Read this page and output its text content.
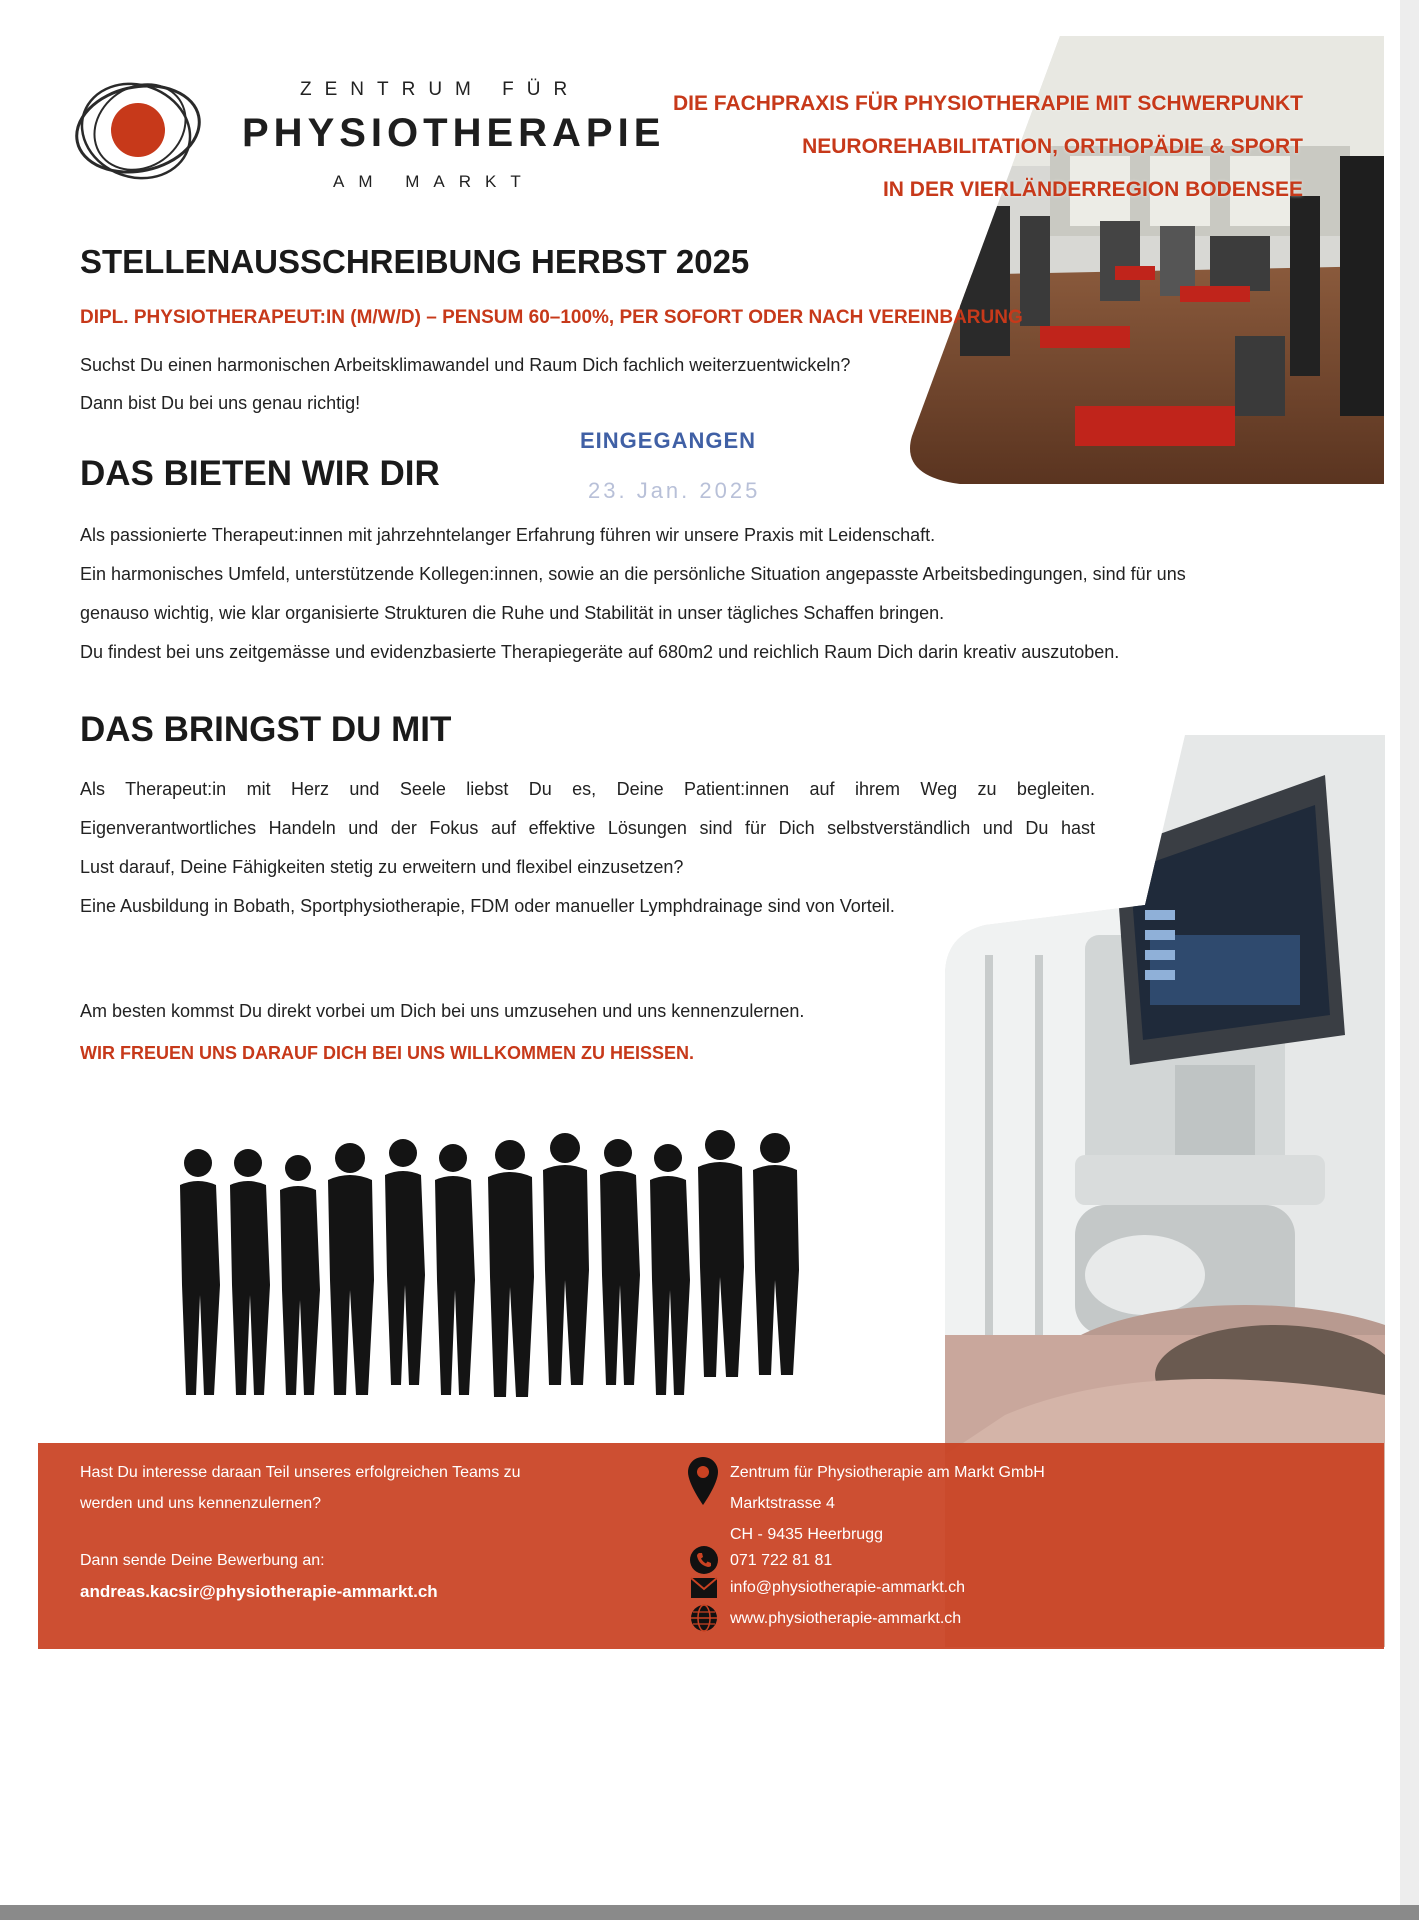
ZENTRUM FÜR
PHYSIOTHERAPIE
AM MARKT
DIE FACHPRAXIS FÜR PHYSIOTHERAPIE MIT SCHWERPUNKT
NEUROREHABILITATION, ORTHOPÄDIE & SPORT
IN DER VIERLÄNDERREGION BODENSEE
STELLENAUSSCHREIBUNG HERBST 2025
DIPL. PHYSIOTHERAPEUT:IN (M/W/D) – PENSUM 60–100%, PER SOFORT ODER NACH VEREINBARUNG
Suchst Du einen harmonischen Arbeitsklimawandel und Raum Dich fachlich weiterzuentwickeln?
Dann bist Du bei uns genau richtig!
EINGEGANGEN
23. Jan. 2025
DAS BIETEN WIR DIR
Als passionierte Therapeut:innen mit jahrzehntelanger Erfahrung führen wir unsere Praxis mit Leidenschaft.
Ein harmonisches Umfeld, unterstützende Kollegen:innen, sowie an die persönliche Situation angepasste Arbeitsbedingungen, sind für uns
genauso wichtig, wie klar organisierte Strukturen die Ruhe und Stabilität in unser tägliches Schaffen bringen.
Du findest bei uns zeitgemässe und evidenzbasierte Therapiegeräte auf 680m2 und reichlich Raum Dich darin kreativ auszutoben.
DAS BRINGST DU MIT
Als Therapeut:in mit Herz und Seele liebst Du es, Deine Patient:innen auf ihrem Weg zu begleiten.
Eigenverantwortliches Handeln und der Fokus auf effektive Lösungen sind für Dich selbstverständlich und Du hast
Lust darauf, Deine Fähigkeiten stetig zu erweitern und flexibel einzusetzen?
Eine Ausbildung in Bobath, Sportphysiotherapie, FDM oder manueller Lymphdrainage sind von Vorteil.
Am besten kommst Du direkt vorbei um Dich bei uns umzusehen und uns kennenzulernen.
WIR FREUEN UNS DARAUF DICH BEI UNS WILLKOMMEN ZU HEISSEN.
Hast Du interesse daraan Teil unseres erfolgreichen Teams zu
werden und uns kennenzulernen?
Dann sende Deine Bewerbung an:
andreas.kacsir@physiotherapie-ammarkt.ch
Zentrum für Physiotherapie am Markt GmbH
Marktstrasse 4
CH - 9435 Heerbrugg
071 722 81 81
info@physiotherapie-ammarkt.ch
www.physiotherapie-ammarkt.ch
